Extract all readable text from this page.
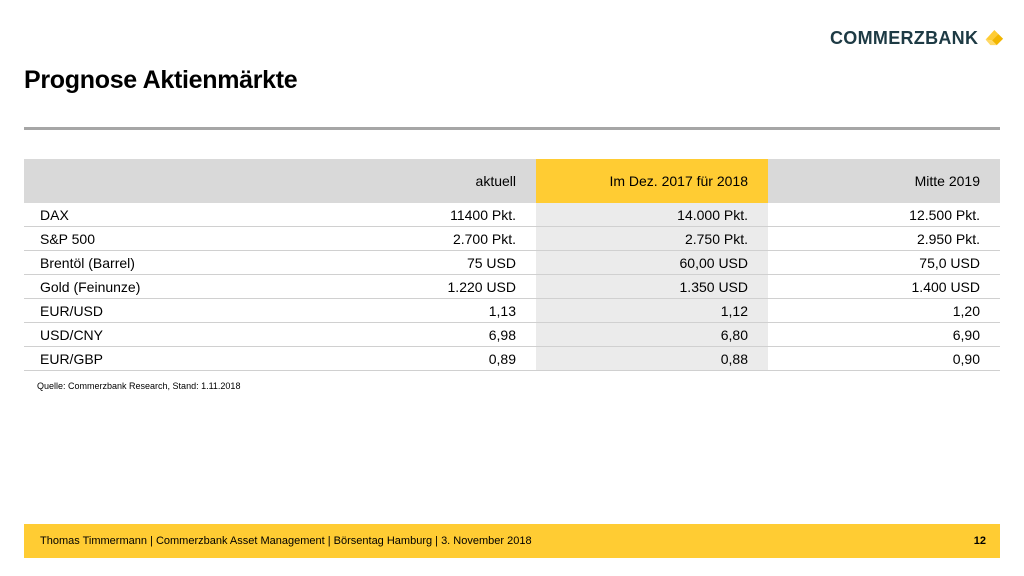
COMMERZBANK
Prognose Aktienmärkte
	aktuell	Im Dez. 2017 für 2018	Mitte 2019
DAX	11400 Pkt.	14.000 Pkt.	12.500 Pkt.
S&P 500	2.700 Pkt.	2.750 Pkt.	2.950 Pkt.
Brentöl (Barrel)	75 USD	60,00 USD	75,0 USD
Gold (Feinunze)	1.220 USD	1.350 USD	1.400 USD
EUR/USD	1,13	1,12	1,20
USD/CNY	6,98	6,80	6,90
EUR/GBP	0,89	0,88	0,90
Quelle: Commerzbank Research, Stand: 1.11.2018
Thomas Timmermann | Commerzbank Asset Management | Börsentag Hamburg | 3. November 2018	12
